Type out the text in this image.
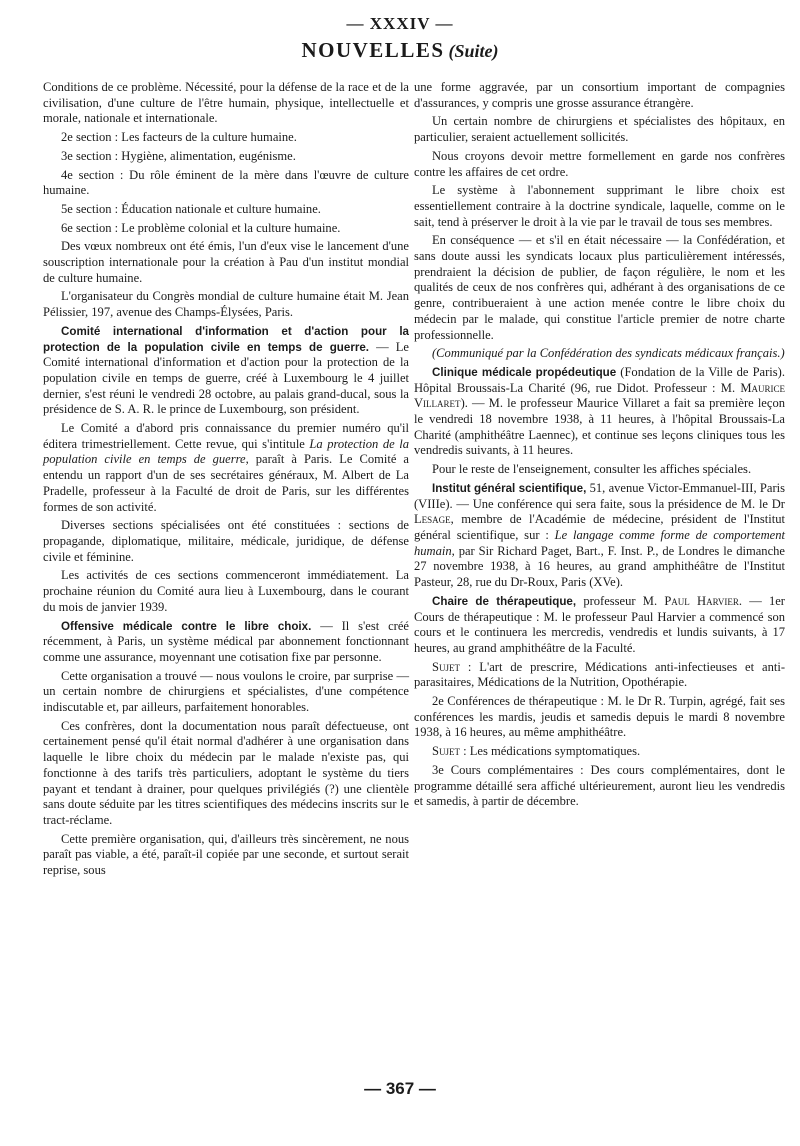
— XXXIV —
NOUVELLES (Suite)

Conditions de ce problème. Nécessité, pour la défense de la race et de la civilisation, d'une culture de l'être humain, physique, intellectuelle et morale, nationale et internationale.

2e section : Les facteurs de la culture humaine.

3e section : Hygiène, alimentation, eugénisme.

4e section : Du rôle éminent de la mère dans l'œuvre de culture humaine.

5e section : Éducation nationale et culture humaine.

6e section : Le problème colonial et la culture humaine.

Des vœux nombreux ont été émis, l'un d'eux vise le lancement d'une souscription internationale pour la création à Pau d'un institut mondial de culture humaine.

L'organisateur du Congrès mondial de culture humaine était M. Jean Pélissier, 197, avenue des Champs-Élysées, Paris.

Comité international d'information et d'action pour la protection de la population civile en temps de guerre. — Le Comité international d'information et d'action pour la protection de la population civile en temps de guerre, créé à Luxembourg le 4 juillet dernier, s'est réuni le vendredi 28 octobre, au palais grand-ducal, sous la présidence de S. A. R. le prince de Luxembourg, son président.

Le Comité a d'abord pris connaissance du premier numéro qu'il éditera trimestriellement. Cette revue, qui s'intitule La protection de la population civile en temps de guerre, paraît à Paris. Le Comité a entendu un rapport d'un de ses secrétaires généraux, M. Albert de La Pradelle, professeur à la Faculté de droit de Paris, sur les différentes formes de son activité.

Diverses sections spécialisées ont été constituées : sections de propagande, diplomatique, militaire, médicale, juridique, de défense civile et féminine.

Les activités de ces sections commenceront immédiatement. La prochaine réunion du Comité aura lieu à Luxembourg, dans le courant du mois de janvier 1939.

Offensive médicale contre le libre choix. — Il s'est créé récemment, à Paris, un système médical par abonnement fonctionnant comme une assurance, moyennant une cotisation fixe par personne.

Cette organisation a trouvé — nous voulons le croire, par surprise — un certain nombre de chirurgiens et spécialistes, d'une compétence indiscutable et, par ailleurs, parfaitement honorables.

Ces confrères, dont la documentation nous paraît défectueuse, ont certainement pensé qu'il était normal d'adhérer à une organisation dans laquelle le libre choix du médecin par le malade n'existe pas, qui fonctionne à des tarifs très particuliers, adoptant le système du tiers payant et tendant à drainer, pour quelques privilégiés (?) une clientèle sans doute séduite par les titres scientifiques des médecins inscrits sur le tract-réclame.

Cette première organisation, qui, d'ailleurs très sincèrement, ne nous paraît pas viable, a été, paraît-il copiée par une seconde, et surtout serait reprise, sous

une forme aggravée, par un consortium important de compagnies d'assurances, y compris une grosse assurance étrangère.

Un certain nombre de chirurgiens et spécialistes des hôpitaux, en particulier, seraient actuellement sollicités.

Nous croyons devoir mettre formellement en garde nos confrères contre les affaires de cet ordre.

Le système à l'abonnement supprimant le libre choix est essentiellement contraire à la doctrine syndicale, laquelle, comme on le sait, tend à préserver le droit à la vie par le travail de tous ses membres.

En conséquence — et s'il en était nécessaire — la Confédération, et sans doute aussi les syndicats locaux plus particulièrement intéressés, prendraient la décision de publier, de façon régulière, le nom et les qualités de ceux de nos confrères qui, adhérant à des organisations de ce genre, contribueraient à une action menée contre le libre choix du médecin par le malade, qui constitue l'article premier de notre charte professionnelle.

(Communiqué par la Confédération des syndicats médicaux français.)

Clinique médicale propédeutique (Fondation de la Ville de Paris). Hôpital Broussais-La Charité (96, rue Didot. Professeur : M. Maurice Villaret). — M. le professeur Maurice Villaret a fait sa première leçon le vendredi 18 novembre 1938, à 11 heures, à l'hôpital Broussais-La Charité (amphithéâtre Laennec), et continue ses leçons cliniques tous les vendredis suivants, à 11 heures.

Pour le reste de l'enseignement, consulter les affiches spéciales.

Institut général scientifique, 51, avenue Victor-Emmanuel-III, Paris (VIIIe). — Une conférence qui sera faite, sous la présidence de M. le Dr Lesage, membre de l'Académie de médecine, président de l'Institut général scientifique, sur : Le langage comme forme de comportement humain, par Sir Richard Paget, Bart., F. Inst. P., de Londres le dimanche 27 novembre 1938, à 16 heures, au grand amphithéâtre de l'Institut Pasteur, 28, rue du Dr-Roux, Paris (XVe).

Chaire de thérapeutique, professeur M. Paul Harvier. — 1er Cours de thérapeutique : M. le professeur Paul Harvier a commencé son cours et le continuera les mercredis, vendredis et lundis suivants, à 17 heures, au grand amphithéâtre de la Faculté.

Sujet : L'art de prescrire, Médications anti-infectieuses et anti-parasitaires, Médications de la Nutrition, Opothérapie.

2e Conférences de thérapeutique : M. le Dr R. Turpin, agrégé, fait ses conférences les mardis, jeudis et samedis depuis le mardi 8 novembre 1938, à 16 heures, au même amphithéâtre.

Sujet : Les médications symptomatiques.

3e Cours complémentaires : Des cours complémentaires, dont le programme détaillé sera affiché ultérieurement, auront lieu les vendredis et samedis, à partir de décembre.

— 367 —
